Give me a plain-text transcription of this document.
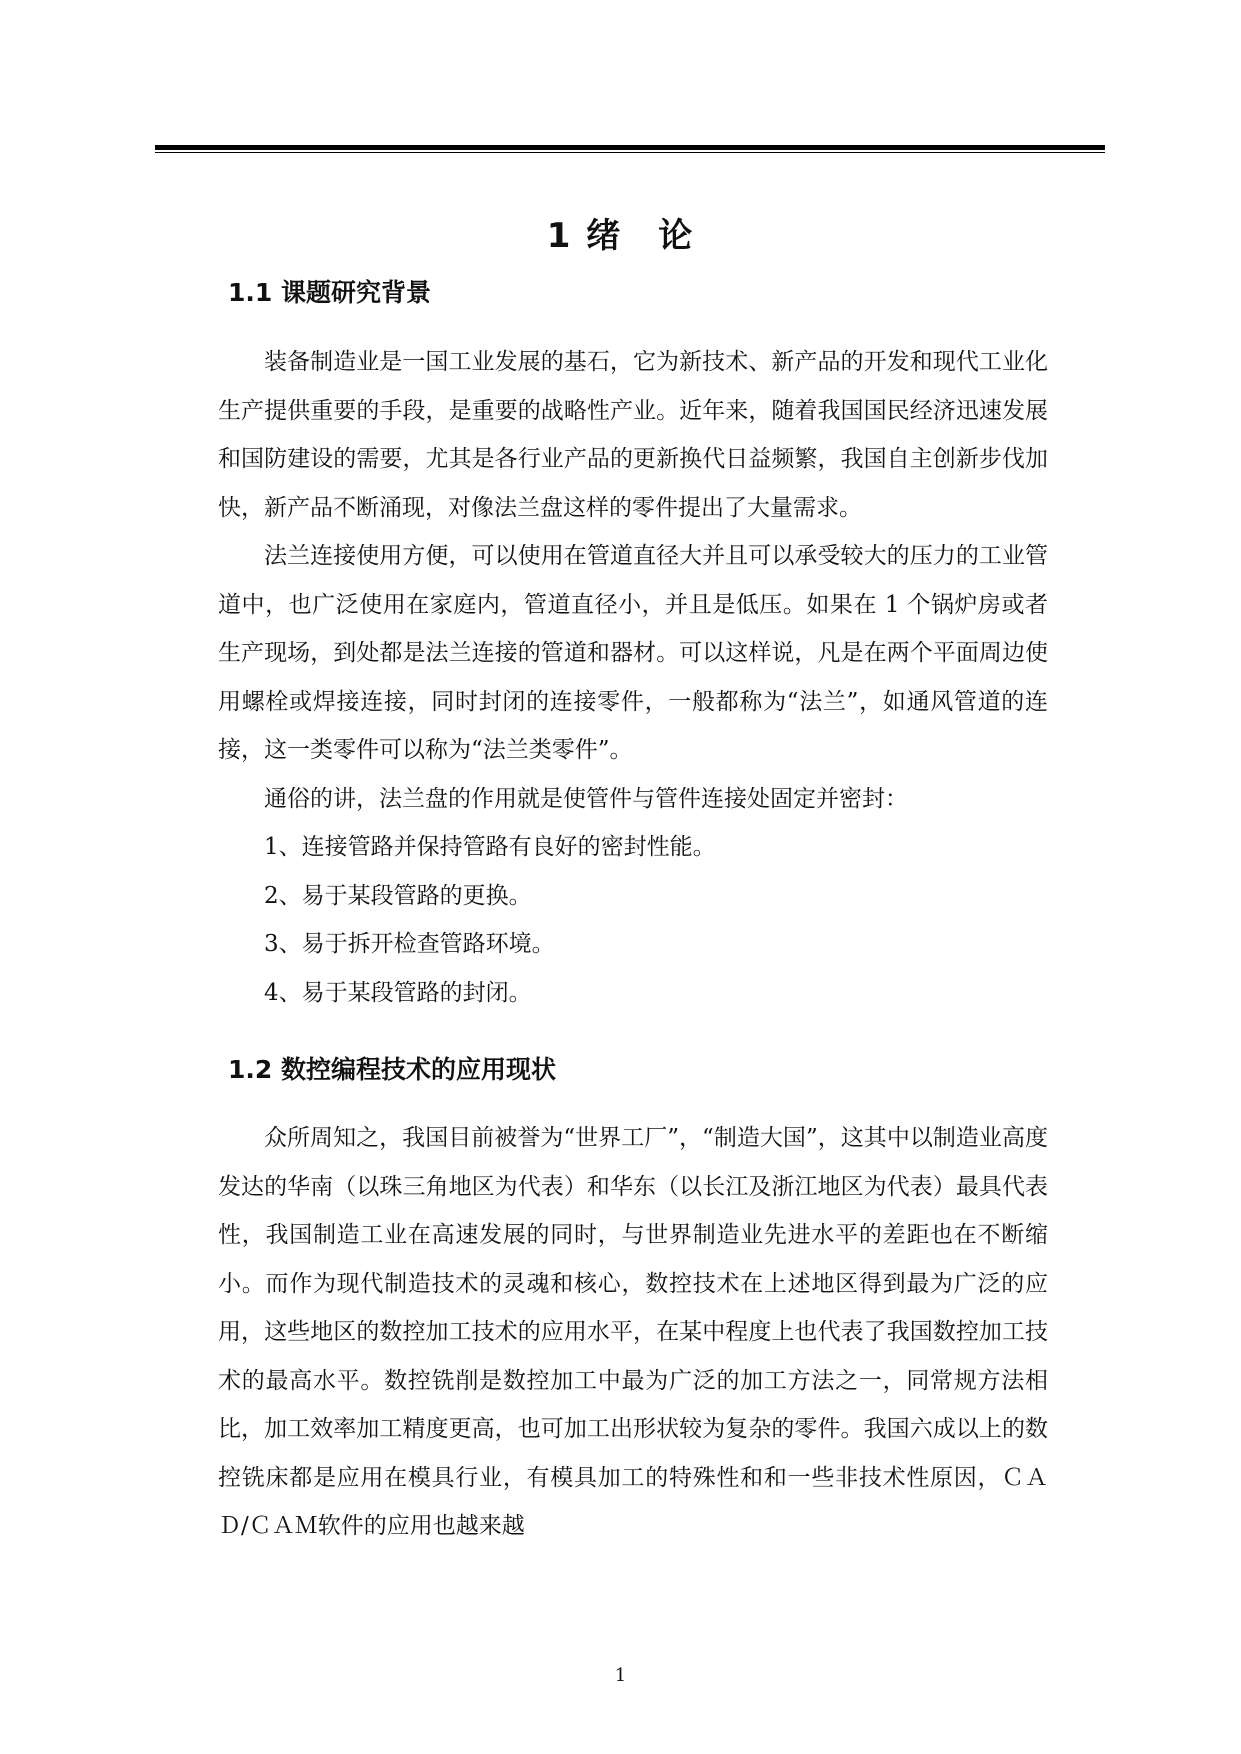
1 绪　论
1.1 课题研究背景

装备制造业是一国工业发展的基石，它为新技术、新产品的开发和现代工业化生产提供重要的手段，是重要的战略性产业。近年来，随着我国国民经济迅速发展和国防建设的需要，尤其是各行业产品的更新换代日益频繁，我国自主创新步伐加快，新产品不断涌现，对像法兰盘这样的零件提出了大量需求。

法兰连接使用方便，可以使用在管道直径大并且可以承受较大的压力的工业管道中，也广泛使用在家庭内，管道直径小，并且是低压。如果在 1 个锅炉房或者生产现场，到处都是法兰连接的管道和器材。可以这样说，凡是在两个平面周边使用螺栓或焊接连接，同时封闭的连接零件，一般都称为“法兰”，如通风管道的连接，这一类零件可以称为“法兰类零件”。

通俗的讲，法兰盘的作用就是使管件与管件连接处固定并密封：

1、连接管路并保持管路有良好的密封性能。
2、易于某段管路的更换。
3、易于拆开检查管路环境。
4、易于某段管路的封闭。
1.2 数控编程技术的应用现状

众所周知之，我国目前被誉为“世界工厂”，“制造大国”，这其中以制造业高度发达的华南（以珠三角地区为代表）和华东（以长江及浙江地区为代表）最具代表性，我国制造工业在高速发展的同时，与世界制造业先进水平的差距也在不断缩小。而作为现代制造技术的灵魂和核心，数控技术在上述地区得到最为广泛的应用，这些地区的数控加工技术的应用水平，在某中程度上也代表了我国数控加工技术的最高水平。数控铣削是数控加工中最为广泛的加工方法之一，同常规方法相比，加工效率加工精度更高，也可加工出形状较为复杂的零件。我国六成以上的数控铣床都是应用在模具行业，有模具加工的特殊性和和一些非技术性原因，ＣＡＤ/ＣＡＭ软件的应用也越来越

1
